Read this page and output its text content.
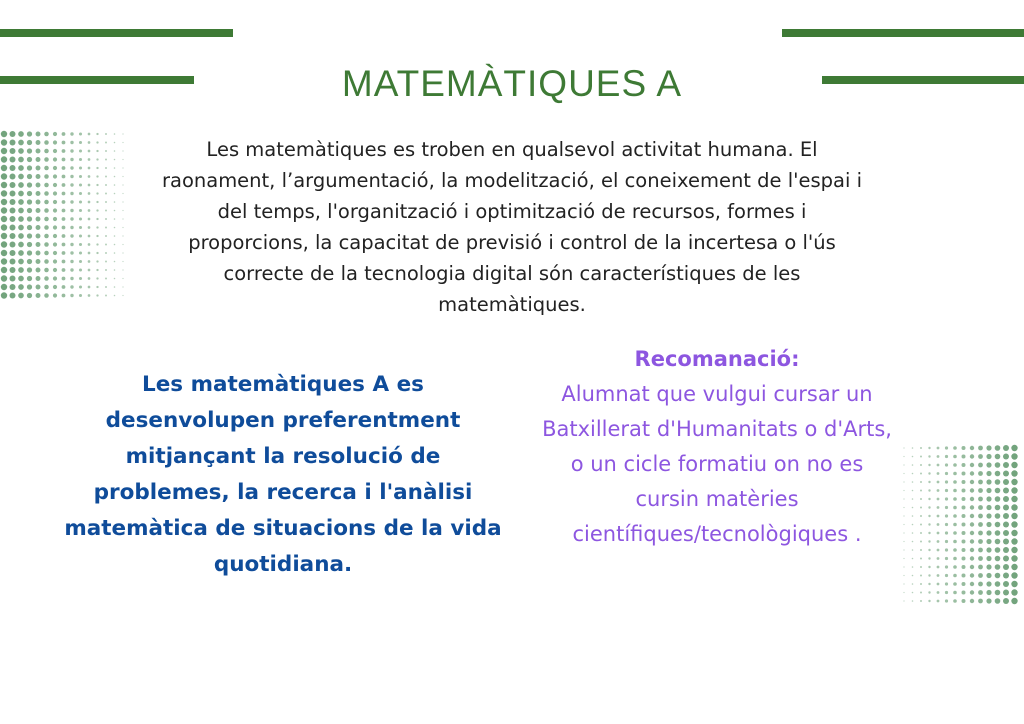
MATEMÀTIQUES A

Les matemàtiques es troben en qualsevol activitat humana. El raonament, l’argumentació, la modelització, el coneixement de l'espai i del temps, l'organització i optimització de recursos, formes i proporcions, la capacitat de previsió i control de la incertesa o l'ús correcte de la tecnologia digital són característiques de les matemàtiques.

Les matemàtiques A es desenvolupen preferentment mitjançant la resolució de problemes, la recerca i l'anàlisi matemàtica de situacions de la vida quotidiana.

Recomanació:
Alumnat que vulgui cursar un Batxillerat d'Humanitats o d'Arts, o un cicle formatiu on no es cursin matèries científiques/tecnològiques .
